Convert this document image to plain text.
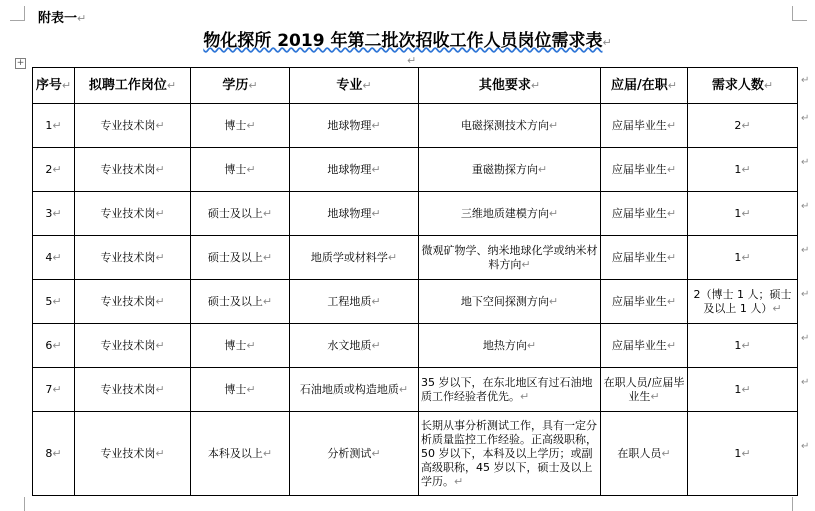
附表一↵
物化探所 2019 年第二批次招收工作人员岗位需求表↵
+	↵
序号↵	拟聘工作岗位↵	学历↵	专业↵	其他要求↵	应届/在职↵	需求人数↵
1↵	专业技术岗↵	博士↵	地球物理↵	电磁探测技术方向↵	应届毕业生↵	2↵
2↵	专业技术岗↵	博士↵	地球物理↵	重磁勘探方向↵	应届毕业生↵	1↵
3↵	专业技术岗↵	硕士及以上↵	地球物理↵	三维地质建模方向↵	应届毕业生↵	1↵
4↵	专业技术岗↵	硕士及以上↵	地质学或材料学↵	微观矿物学、纳米地球化学或纳米材料方向↵	应届毕业生↵	1↵
5↵	专业技术岗↵	硕士及以上↵	工程地质↵	地下空间探测方向↵	应届毕业生↵	2（博士 1 人；硕士及以上 1 人）↵
6↵	专业技术岗↵	博士↵	水文地质↵	地热方向↵	应届毕业生↵	1↵
7↵	专业技术岗↵	博士↵	石油地质或构造地质↵	35 岁以下，在东北地区有过石油地质工作经验者优先。↵	在职人员/应届毕业生↵	1↵
8↵	专业技术岗↵	本科及以上↵	分析测试↵	长期从事分析测试工作，具有一定分析质量监控工作经验。正高级职称，50 岁以下，本科及以上学历；或副高级职称，45 岁以下，硕士及以上学历。↵	在职人员↵	1↵
↵
↵
↵
↵
↵
↵
↵
↵
↵
